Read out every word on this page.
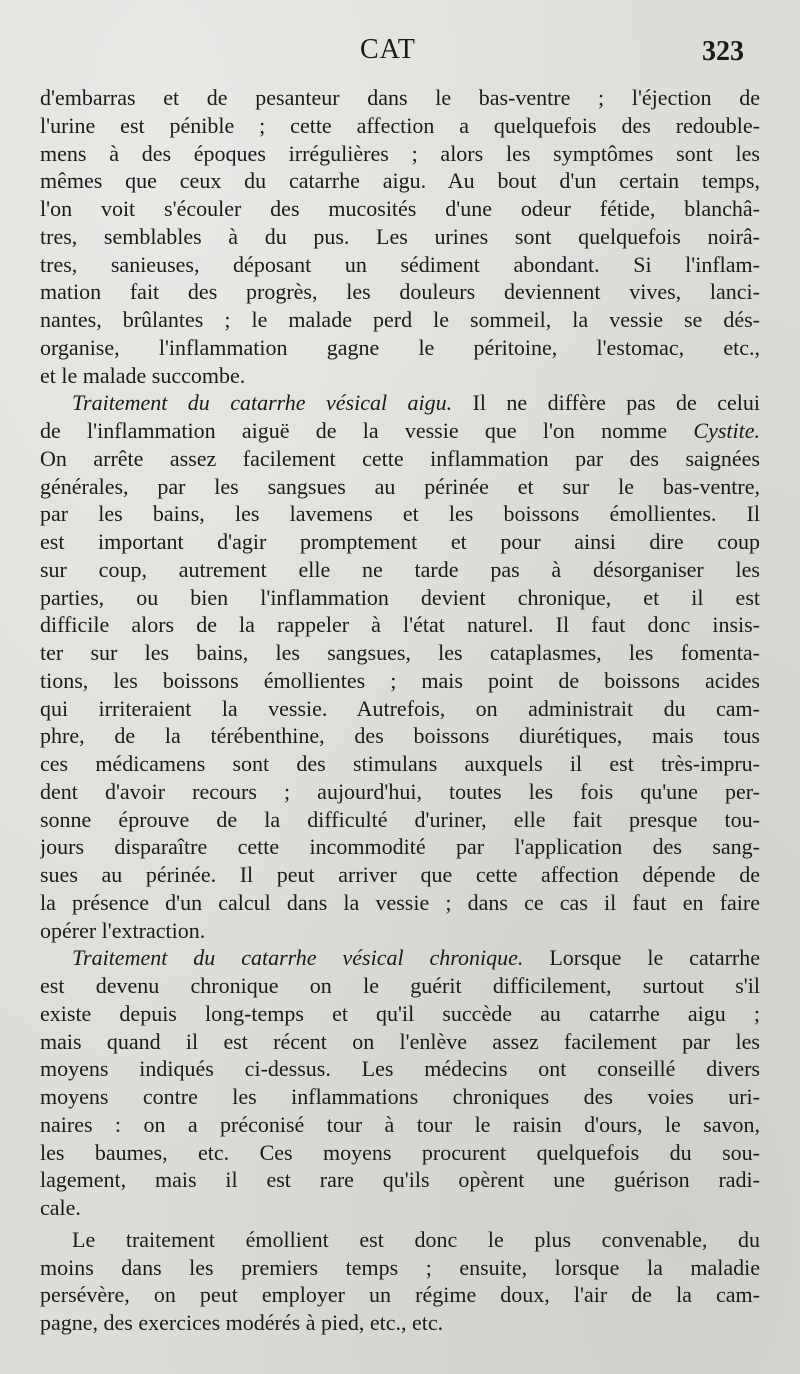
CAT	323
d'embarras et de pesanteur dans le bas-ventre ; l'éjection de
l'urine est pénible ; cette affection a quelquefois des redouble-
mens à des époques irrégulières ; alors les symptômes sont les
mêmes que ceux du catarrhe aigu. Au bout d'un certain temps,
l'on voit s'écouler des mucosités d'une odeur fétide, blanchâ-
tres, semblables à du pus. Les urines sont quelquefois noirâ-
tres, sanieuses, déposant un sédiment abondant. Si l'inflam-
mation fait des progrès, les douleurs deviennent vives, lanci-
nantes, brûlantes ; le malade perd le sommeil, la vessie se dés-
organise, l'inflammation gagne le péritoine, l'estomac, etc.,
et le malade succombe.
Traitement du catarrhe vésical aigu. Il ne diffère pas de celui
de l'inflammation aiguë de la vessie que l'on nomme Cystite.
On arrête assez facilement cette inflammation par des saignées
générales, par les sangsues au périnée et sur le bas-ventre,
par les bains, les lavemens et les boissons émollientes. Il
est important d'agir promptement et pour ainsi dire coup
sur coup, autrement elle ne tarde pas à désorganiser les
parties, ou bien l'inflammation devient chronique, et il est
difficile alors de la rappeler à l'état naturel. Il faut donc insis-
ter sur les bains, les sangsues, les cataplasmes, les fomenta-
tions, les boissons émollientes ; mais point de boissons acides
qui irriteraient la vessie. Autrefois, on administrait du cam-
phre, de la térébenthine, des boissons diurétiques, mais tous
ces médicamens sont des stimulans auxquels il est très-impru-
dent d'avoir recours ; aujourd'hui, toutes les fois qu'une per-
sonne éprouve de la difficulté d'uriner, elle fait presque tou-
jours disparaître cette incommodité par l'application des sang-
sues au périnée. Il peut arriver que cette affection dépende de
la présence d'un calcul dans la vessie ; dans ce cas il faut en faire
opérer l'extraction.
Traitement du catarrhe vésical chronique. Lorsque le catarrhe
est devenu chronique on le guérit difficilement, surtout s'il
existe depuis long-temps et qu'il succède au catarrhe aigu ;
mais quand il est récent on l'enlève assez facilement par les
moyens indiqués ci-dessus. Les médecins ont conseillé divers
moyens contre les inflammations chroniques des voies uri-
naires : on a préconisé tour à tour le raisin d'ours, le savon,
les baumes, etc. Ces moyens procurent quelquefois du sou-
lagement, mais il est rare qu'ils opèrent une guérison radi-
cale.
Le traitement émollient est donc le plus convenable, du
moins dans les premiers temps ; ensuite, lorsque la maladie
persévère, on peut employer un régime doux, l'air de la cam-
pagne, des exercices modérés à pied, etc., etc.
